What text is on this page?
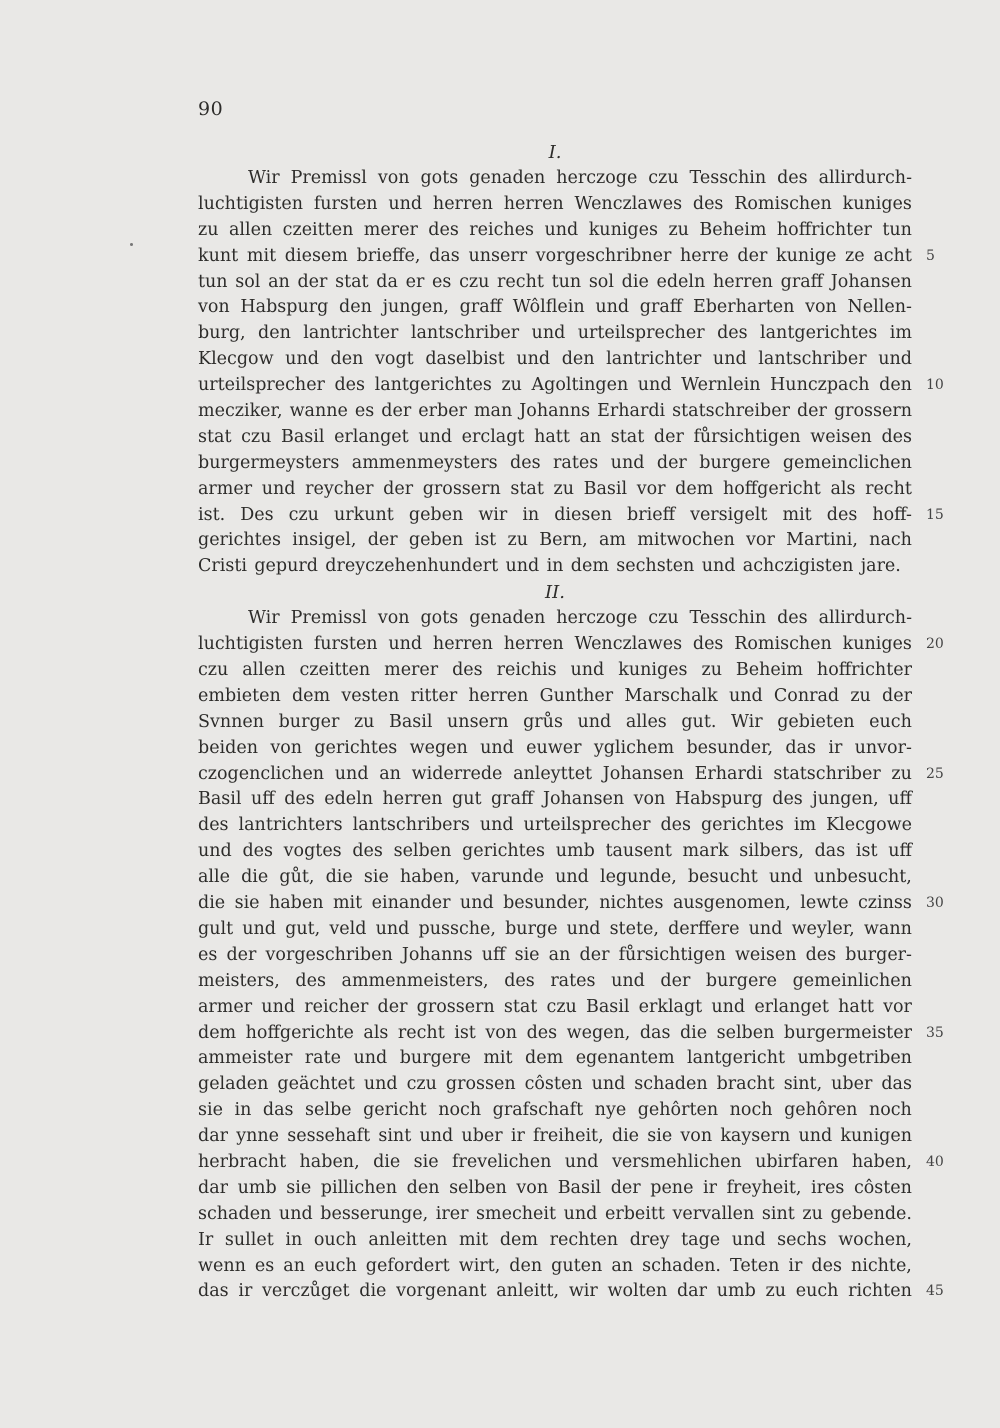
90
I.
Wir Premissl von gots genaden herczoge czu Tesschin des allirdurch-
luchtigisten fursten und herren herren Wenczlawes des Romischen kuniges
zu allen czeitten merer des reiches und kuniges zu Beheim hoffrichter tun
kunt mit diesem brieffe, das unserr vorgeschribner herre der kunige ze acht 5
tun sol an der stat da er es czu recht tun sol die edeln herren graff Johansen
von Habspurg den jungen, graff Wôlflein und graff Eberharten von Nellen-
burg, den lantrichter lantschriber und urteilsprecher des lantgerichtes im
Klecgow und den vogt daselbist und den lantrichter und lantschriber und
urteilsprecher des lantgerichtes zu Agoltingen und Wernlein Hunczpach den 10
mecziker, wanne es der erber man Johanns Erhardi statschreiber der grossern
stat czu Basil erlanget und erclagt hatt an stat der fůrsichtigen weisen des
burgermeysters ammenmeysters des rates und der burgere gemeinclichen
armer und reycher der grossern stat zu Basil vor dem hoffgericht als recht
ist. Des czu urkunt geben wir in diesen brieff versigelt mit des hoff- 15
gerichtes insigel, der geben ist zu Bern, am mitwochen vor Martini, nach
Cristi gepurd dreyczehenhundert und in dem sechsten und achczigisten jare.
II.
Wir Premissl von gots genaden herczoge czu Tesschin des allirdurch-
luchtigisten fursten und herren herren Wenczlawes des Romischen kuniges 20
czu allen czeitten merer des reichis und kuniges zu Beheim hoffrichter
embieten dem vesten ritter herren Gunther Marschalk und Conrad zu der
Svnnen burger zu Basil unsern grůs und alles gut. Wir gebieten euch
beiden von gerichtes wegen und euwer yglichem besunder, das ir unvor-
czogenclichen und an widerrede anleyttet Johansen Erhardi statschriber zu 25
Basil uff des edeln herren gut graff Johansen von Habspurg des jungen, uff
des lantrichters lantschribers und urteilsprecher des gerichtes im Klecgowe
und des vogtes des selben gerichtes umb tausent mark silbers, das ist uff
alle die gůt, die sie haben, varunde und legunde, besucht und unbesucht,
die sie haben mit einander und besunder, nichtes ausgenomen, lewte czinss 30
gult und gut, veld und pussche, burge und stete, derffere und weyler, wann
es der vorgeschriben Johanns uff sie an der fůrsichtigen weisen des burger-
meisters, des ammenmeisters, des rates und der burgere gemeinlichen
armer und reicher der grossern stat czu Basil erklagt und erlanget hatt vor
dem hoffgerichte als recht ist von des wegen, das die selben burgermeister 35
ammeister rate und burgere mit dem egenantem lantgericht umbgetriben
geladen geächtet und czu grossen côsten und schaden bracht sint, uber das
sie in das selbe gericht noch grafschaft nye gehôrten noch gehôren noch
dar ynne sessehaft sint und uber ir freiheit, die sie von kaysern und kunigen
herbracht haben, die sie frevelichen und versmehlichen ubirfaren haben, 40
dar umb sie pillichen den selben von Basil der pene ir freyheit, ires côsten
schaden und besserunge, irer smecheit und erbeitt vervallen sint zu gebende.
Ir sullet in ouch anleitten mit dem rechten drey tage und sechs wochen,
wenn es an euch gefordert wirt, den guten an schaden. Teten ir des nichte,
das ir verczůget die vorgenant anleitt, wir wolten dar umb zu euch richten 45
